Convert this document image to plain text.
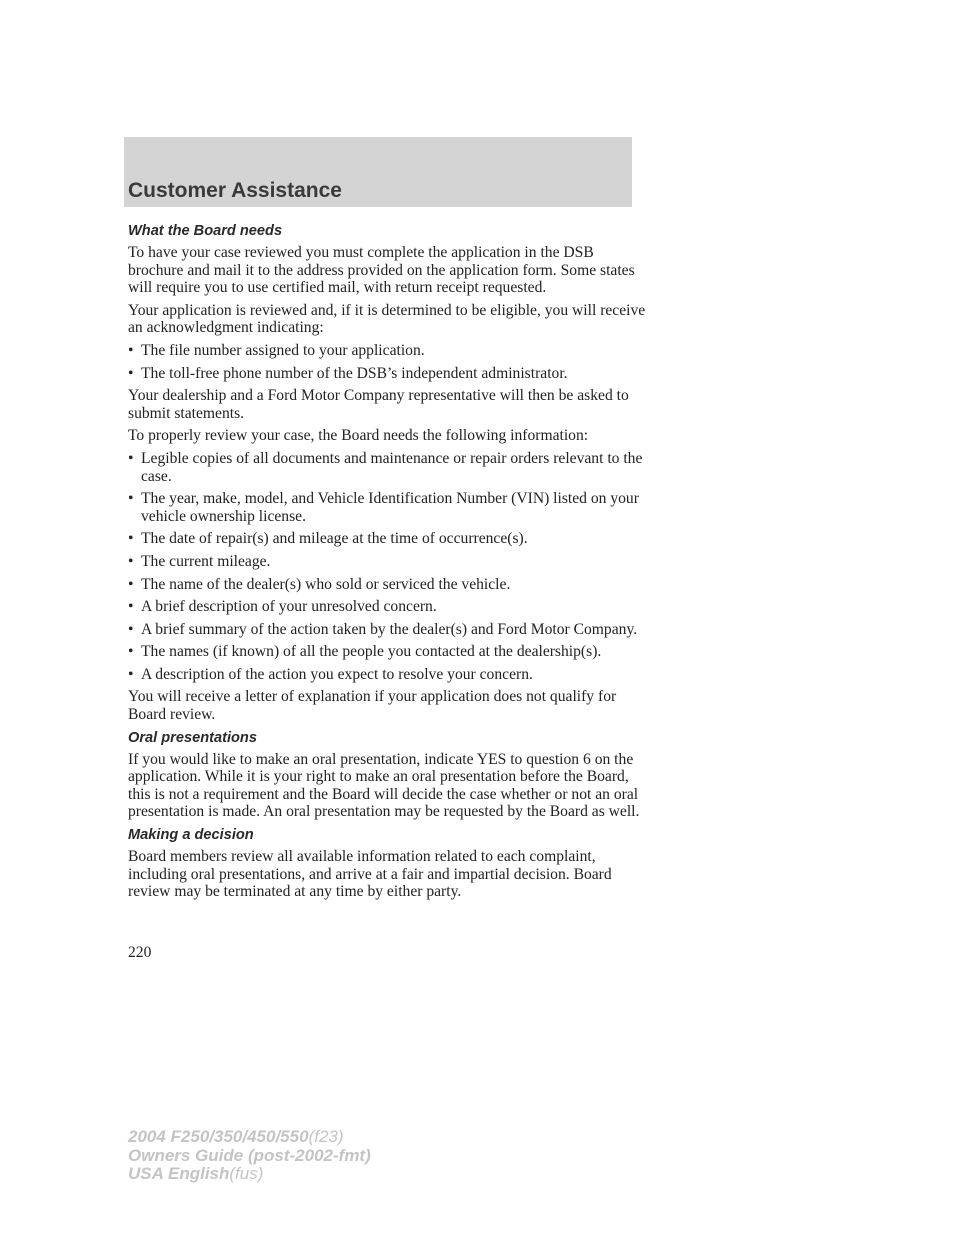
Customer Assistance
What the Board needs

To have your case reviewed you must complete the application in the DSB brochure and mail it to the address provided on the application form. Some states will require you to use certified mail, with return receipt requested.

Your application is reviewed and, if it is determined to be eligible, you will receive an acknowledgment indicating:

• The file number assigned to your application.
• The toll-free phone number of the DSB’s independent administrator.

Your dealership and a Ford Motor Company representative will then be asked to submit statements.

To properly review your case, the Board needs the following information:

• Legible copies of all documents and maintenance or repair orders relevant to the case.
• The year, make, model, and Vehicle Identification Number (VIN) listed on your vehicle ownership license.
• The date of repair(s) and mileage at the time of occurrence(s).
• The current mileage.
• The name of the dealer(s) who sold or serviced the vehicle.
• A brief description of your unresolved concern.
• A brief summary of the action taken by the dealer(s) and Ford Motor Company.
• The names (if known) of all the people you contacted at the dealership(s).
• A description of the action you expect to resolve your concern.

You will receive a letter of explanation if your application does not qualify for Board review.

Oral presentations

If you would like to make an oral presentation, indicate YES to question 6 on the application. While it is your right to make an oral presentation before the Board, this is not a requirement and the Board will decide the case whether or not an oral presentation is made. An oral presentation may be requested by the Board as well.

Making a decision

Board members review all available information related to each complaint, including oral presentations, and arrive at a fair and impartial decision. Board review may be terminated at any time by either party.

220
2004 F250/350/450/550(f23)
Owners Guide (post-2002-fmt)
USA English(fus)
